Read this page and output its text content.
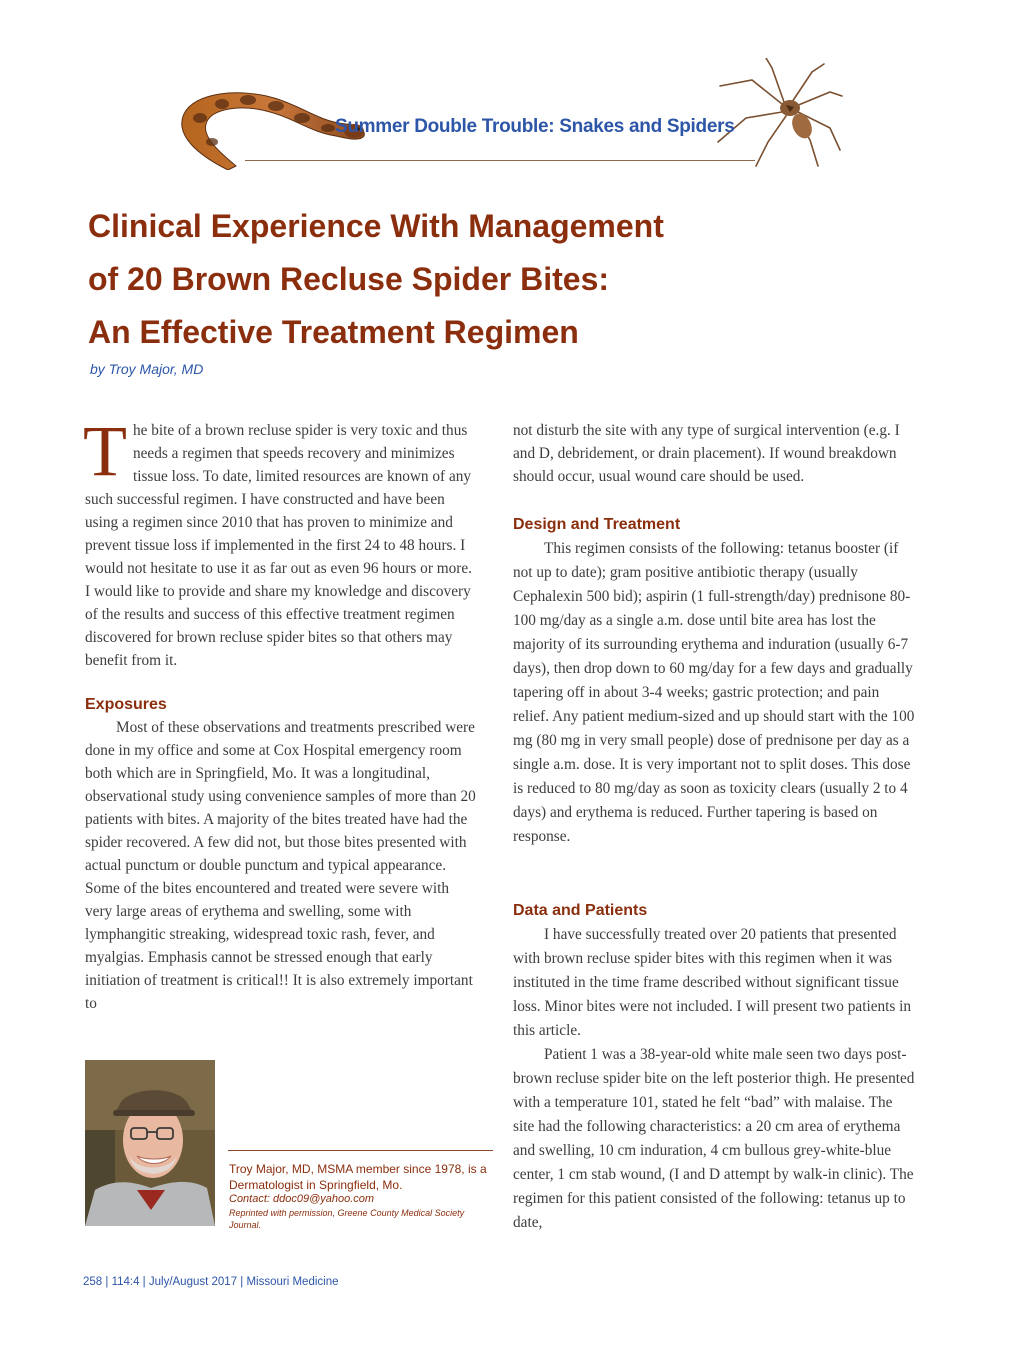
Summer Double Trouble: Snakes and Spiders
Clinical Experience With Management
of 20 Brown Recluse Spider Bites:
An Effective Treatment Regimen
by Troy Major, MD
T he bite of a brown recluse spider is very toxic and thus needs a regimen that speeds recovery and minimizes tissue loss. To date, limited resources are known of any such successful regimen. I have constructed and have been using a regimen since 2010 that has proven to minimize and prevent tissue loss if implemented in the first 24 to 48 hours. I would not hesitate to use it as far out as even 96 hours or more. I would like to provide and share my knowledge and discovery of the results and success of this effective treatment regimen discovered for brown recluse spider bites so that others may benefit from it.

Exposures

Most of these observations and treatments prescribed were done in my office and some at Cox Hospital emergency room both which are in Springfield, Mo. It was a longitudinal, observational study using convenience samples of more than 20 patients with bites. A majority of the bites treated have had the spider recovered. A few did not, but those bites presented with actual punctum or double punctum and typical appearance. Some of the bites encountered and treated were severe with very large areas of erythema and swelling, some with lymphangitic streaking, widespread toxic rash, fever, and myalgias. Emphasis cannot be stressed enough that early initiation of treatment is critical!! It is also extremely important to

Troy Major, MD, MSMA member since 1978, is a Dermatologist in Springfield, Mo.
Contact: ddoc09@yahoo.com
Reprinted with permission, Greene County Medical Society Journal.

not disturb the site with any type of surgical intervention (e.g. I and D, debridement, or drain placement). If wound breakdown should occur, usual wound care should be used.

Design and Treatment

This regimen consists of the following: tetanus booster (if not up to date); gram positive antibiotic therapy (usually Cephalexin 500 bid); aspirin (1 full-strength/day) prednisone 80-100 mg/day as a single a.m. dose until bite area has lost the majority of its surrounding erythema and induration (usually 6-7 days), then drop down to 60 mg/day for a few days and gradually tapering off in about 3-4 weeks; gastric protection; and pain relief. Any patient medium-sized and up should start with the 100 mg (80 mg in very small people) dose of prednisone per day as a single a.m. dose. It is very important not to split doses. This dose is reduced to 80 mg/day as soon as toxicity clears (usually 2 to 4 days) and erythema is reduced. Further tapering is based on response.

Data and Patients

I have successfully treated over 20 patients that presented with brown recluse spider bites with this regimen when it was instituted in the time frame described without significant tissue loss. Minor bites were not included. I will present two patients in this article.

Patient 1 was a 38-year-old white male seen two days post-brown recluse spider bite on the left posterior thigh. He presented with a temperature 101, stated he felt “bad” with malaise. The site had the following characteristics: a 20 cm area of erythema and swelling, 10 cm induration, 4 cm bullous grey-white-blue center, 1 cm stab wound, (I and D attempt by walk-in clinic). The regimen for this patient consisted of the following: tetanus up to date,

258 | 114:4 | July/August 2017 | Missouri Medicine
